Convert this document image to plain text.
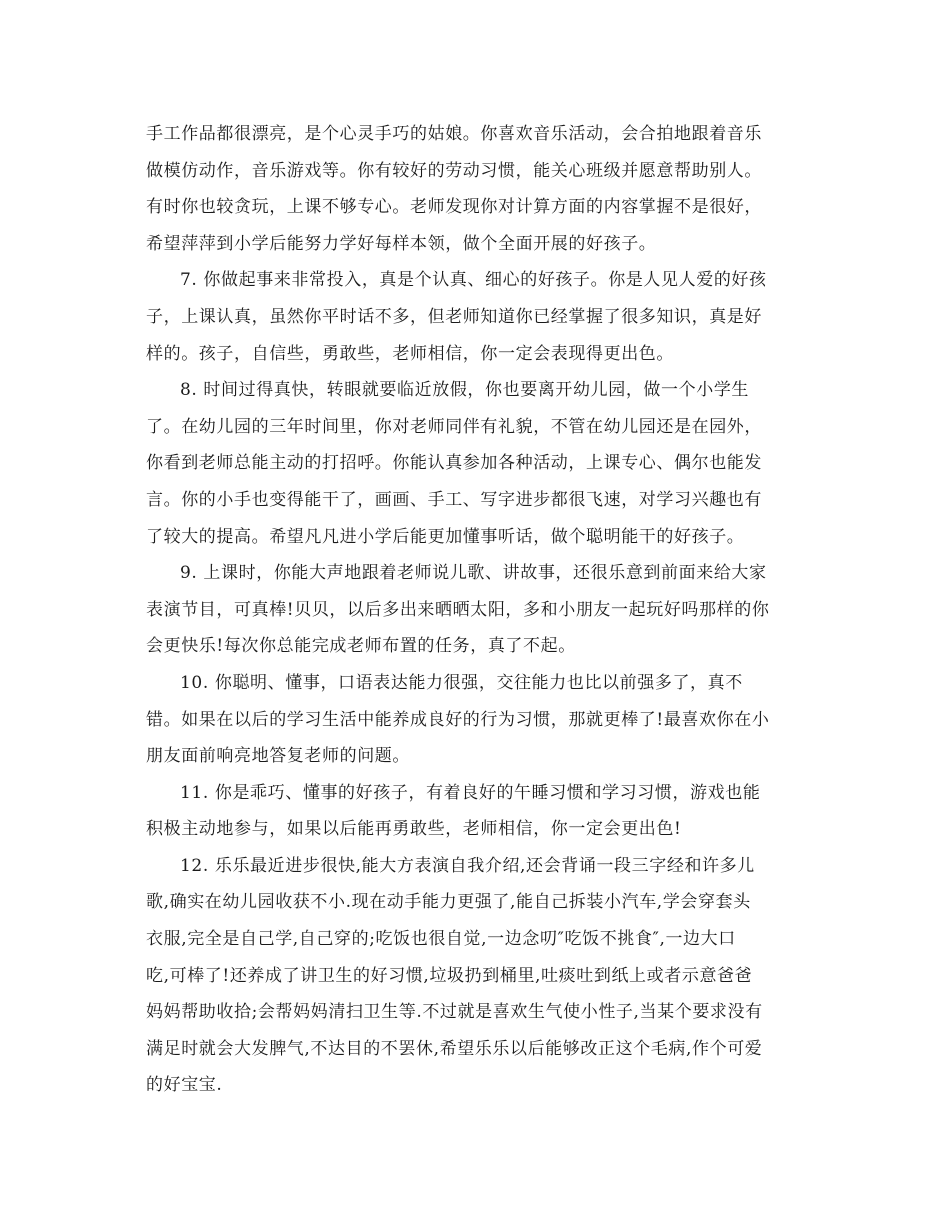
手工作品都很漂亮，是个心灵手巧的姑娘。你喜欢音乐活动，会合拍地跟着音乐
做模仿动作，音乐游戏等。你有较好的劳动习惯，能关心班级并愿意帮助别人。
有时你也较贪玩，上课不够专心。老师发现你对计算方面的内容掌握不是很好，
希望萍萍到小学后能努力学好每样本领，做个全面开展的好孩子。
7. 你做起事来非常投入，真是个认真、细心的好孩子。你是人见人爱的好孩
子，上课认真，虽然你平时话不多，但老师知道你已经掌握了很多知识，真是好
样的。孩子，自信些，勇敢些，老师相信，你一定会表现得更出色。
8. 时间过得真快，转眼就要临近放假，你也要离开幼儿园，做一个小学生
了。在幼儿园的三年时间里，你对老师同伴有礼貌，不管在幼儿园还是在园外，
你看到老师总能主动的打招呼。你能认真参加各种活动，上课专心、偶尔也能发
言。你的小手也变得能干了，画画、手工、写字进步都很飞速，对学习兴趣也有
了较大的提高。希望凡凡进小学后能更加懂事听话，做个聪明能干的好孩子。
9. 上课时，你能大声地跟着老师说儿歌、讲故事，还很乐意到前面来给大家
表演节目，可真棒!贝贝，以后多出来晒晒太阳，多和小朋友一起玩好吗那样的你
会更快乐!每次你总能完成老师布置的任务，真了不起。
10. 你聪明、懂事，口语表达能力很强，交往能力也比以前强多了，真不
错。如果在以后的学习生活中能养成良好的行为习惯，那就更棒了!最喜欢你在小
朋友面前响亮地答复老师的问题。
11. 你是乖巧、懂事的好孩子，有着良好的午睡习惯和学习习惯，游戏也能
积极主动地参与，如果以后能再勇敢些，老师相信，你一定会更出色!
12. 乐乐最近进步很快,能大方表演自我介绍,还会背诵一段三字经和许多儿
歌,确实在幼儿园收获不小.现在动手能力更强了,能自己拆装小汽车,学会穿套头
衣服,完全是自己学,自己穿的;吃饭也很自觉,一边念叨″吃饭不挑食″,一边大口
吃,可棒了!还养成了讲卫生的好习惯,垃圾扔到桶里,吐痰吐到纸上或者示意爸爸
妈妈帮助收拾;会帮妈妈清扫卫生等.不过就是喜欢生气使小性子,当某个要求没有
满足时就会大发脾气,不达目的不罢休,希望乐乐以后能够改正这个毛病,作个可爱
的好宝宝.
